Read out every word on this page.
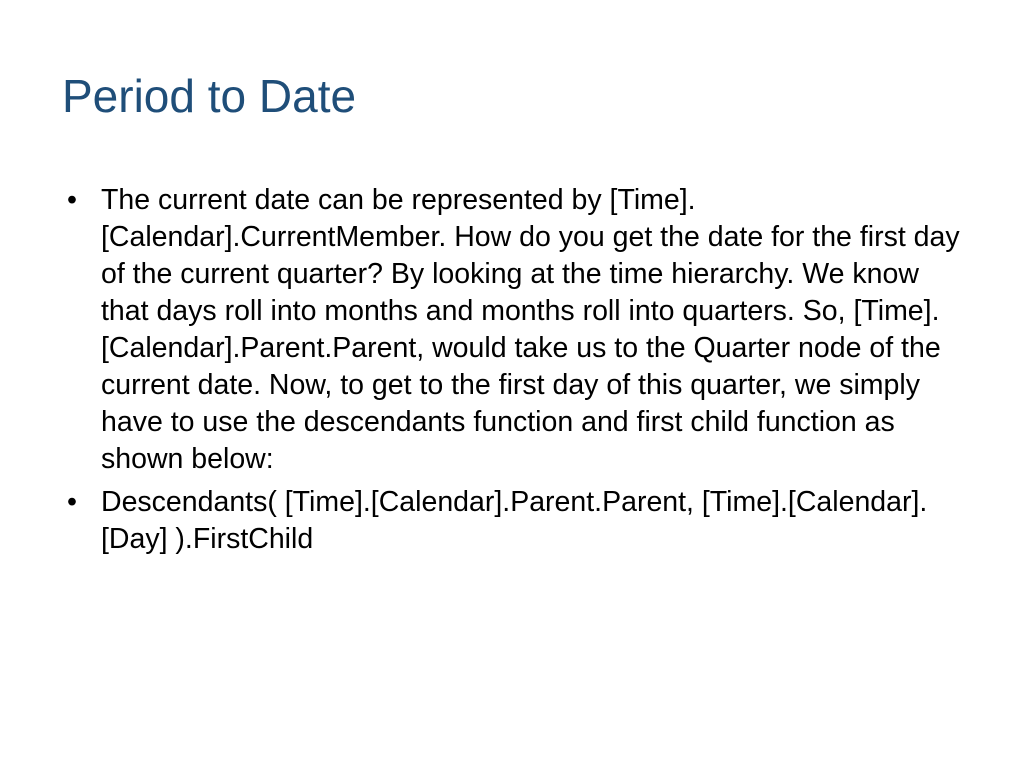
Period to Date
• The current date can be represented by [Time].[Calendar].CurrentMember. How do you get the date for the first day of the current quarter? By looking at the time hierarchy. We know that days roll into months and months roll into quarters. So, [Time].[Calendar].Parent.Parent, would take us to the Quarter node of the current date. Now, to get to the first day of this quarter, we simply have to use the descendants function and first child function as shown below:
• Descendants( [Time].[Calendar].Parent.Parent, [Time].[Calendar].[Day] ).FirstChild
